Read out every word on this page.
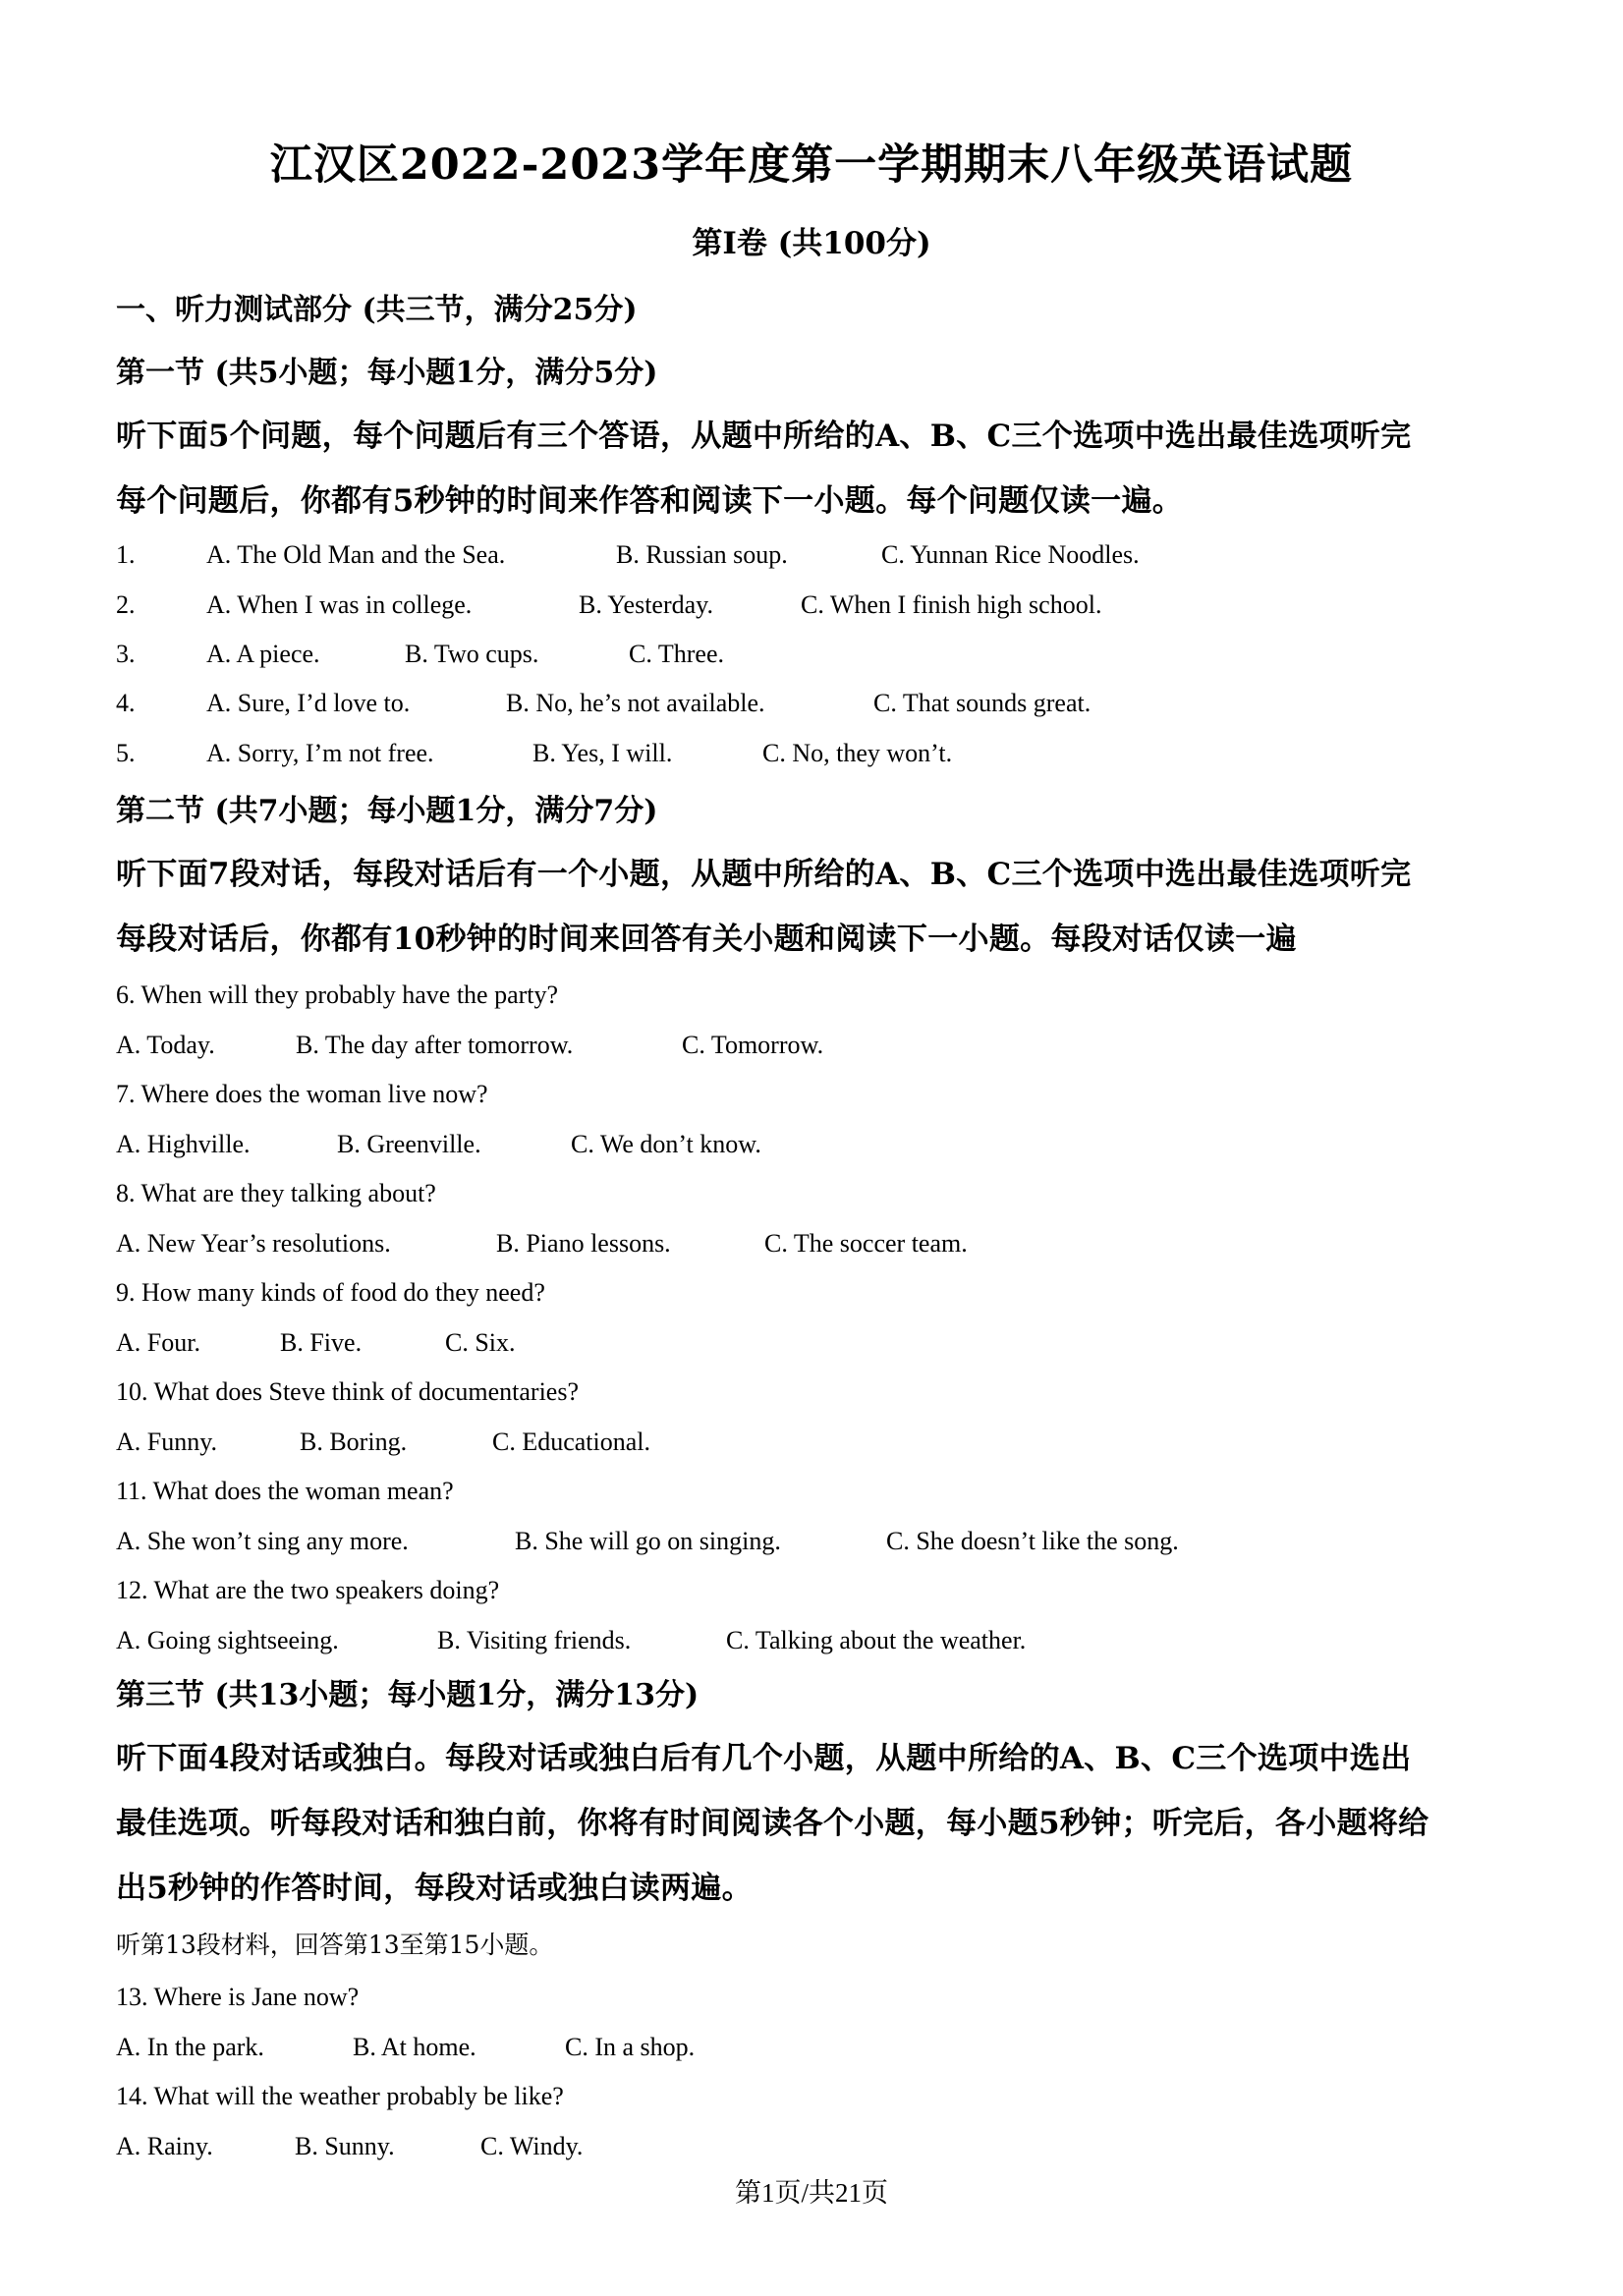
江汉区2022-2023学年度第一学期期末八年级英语试题
第Ⅰ卷 (共100分)
一、听力测试部分 (共三节，满分25分)
第一节 (共5小题；每小题1分，满分5分)
听下面5个问题，每个问题后有三个答语，从题中所给的A、B、C三个选项中选出最佳选项听完
每个问题后，你都有5秒钟的时间来作答和阅读下一小题。每个问题仅读一遍。
1.	A. The Old Man and the Sea.	B. Russian soup.	C. Yunnan Rice Noodles.
2.	A. When I was in college.	B. Yesterday.	C. When I finish high school.
3.	A. A piece.	B. Two cups.	C. Three.
4.	A. Sure, I’d love to.	B. No, he’s not available.	C. That sounds great.
5.	A. Sorry, I’m not free.	B. Yes, I will.	C. No, they won’t.
第二节 (共7小题；每小题1分，满分7分)
听下面7段对话，每段对话后有一个小题，从题中所给的A、B、C三个选项中选出最佳选项听完
每段对话后，你都有10秒钟的时间来回答有关小题和阅读下一小题。每段对话仅读一遍
6. When will they probably have the party?
A. Today.	B. The day after tomorrow.	C. Tomorrow.
7. Where does the woman live now?
A. Highville.	B. Greenville.	C. We don’t know.
8. What are they talking about?
A. New Year’s resolutions.	B. Piano lessons.	C. The soccer team.
9. How many kinds of food do they need?
A. Four.	B. Five.	C. Six.
10. What does Steve think of documentaries?
A. Funny.	B. Boring.	C. Educational.
11. What does the woman mean?
A. She won’t sing any more.	B. She will go on singing.	C. She doesn’t like the song.
12. What are the two speakers doing?
A. Going sightseeing.	B. Visiting friends.	C. Talking about the weather.
第三节 (共13小题；每小题1分，满分13分)
听下面4段对话或独白。每段对话或独白后有几个小题，从题中所给的A、B、C三个选项中选出
最佳选项。听每段对话和独白前，你将有时间阅读各个小题，每小题5秒钟；听完后，各小题将给
出5秒钟的作答时间，每段对话或独白读两遍。
听第13段材料，回答第13至第15小题。
13. Where is Jane now?
A. In the park.	B. At home.	C. In a shop.
14. What will the weather probably be like?
A. Rainy.	B. Sunny.	C. Windy.
第1页/共21页
